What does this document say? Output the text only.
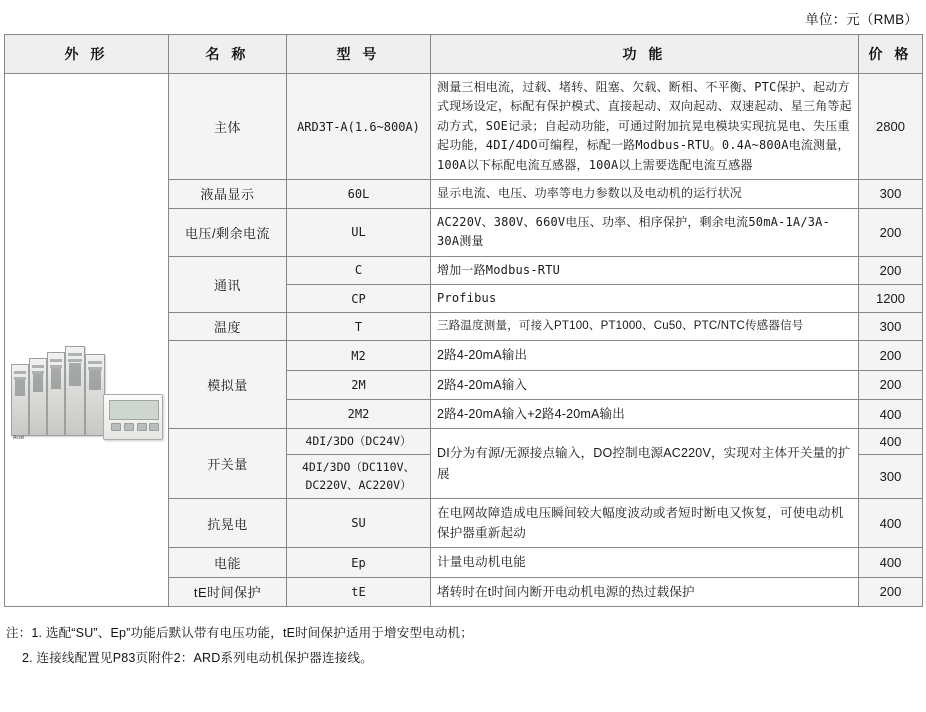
单位：元（RMB）
外 形	名 称	型 号	功 能	价 格

Acrel	主体	ARD3T-A(1.6~800A)	测量三相电流，过载、堵转、阻塞、欠载、断相、不平衡、PTC保护、起动方式现场设定，标配有保护模式、直接起动、双向起动、双速起动、星三角等起动方式，SOE记录；自起动功能，可通过附加抗晃电模块实现抗晃电、失压重起功能，4DI/4DO可编程，标配一路Modbus-RTU。0.4A~800A电流测量，100A以下标配电流互感器，100A以上需要选配电流互感器	2800
	液晶显示	60L	显示电流、电压、功率等电力参数以及电动机的运行状况	300
	电压/剩余电流	UL	AC220V、380V、660V电压、功率、相序保护，剩余电流50mA-1A/3A-30A测量	200
	通讯	C	增加一路Modbus-RTU	200
		CP	Profibus	1200
	温度	T	三路温度测量，可接入PT100、PT1000、Cu50、PTC/NTC传感器信号	300
	模拟量	M2	2路4-20mA输出	200
		2M	2路4-20mA输入	200
		2M2	2路4-20mA输入+2路4-20mA输出	400
	开关量	4DI/3DO（DC24V）	DI分为有源/无源接点输入，DO控制电源AC220V，实现对主体开关量的扩展	400
		4DI/3DO（DC110V、DC220V、AC220V）		300
	抗晃电	SU	在电网故障造成电压瞬间较大幅度波动或者短时断电又恢复，可使电动机保护器重新起动	400
	电能	Ep	计量电动机电能	400
	tE时间保护	tE	堵转时在t时间内断开电动机电源的热过载保护	200
注：1. 选配“SU”、Ep”功能后默认带有电压功能，tE时间保护适用于增安型电动机；
2. 连接线配置见P83页附件2：ARD系列电动机保护器连接线。
